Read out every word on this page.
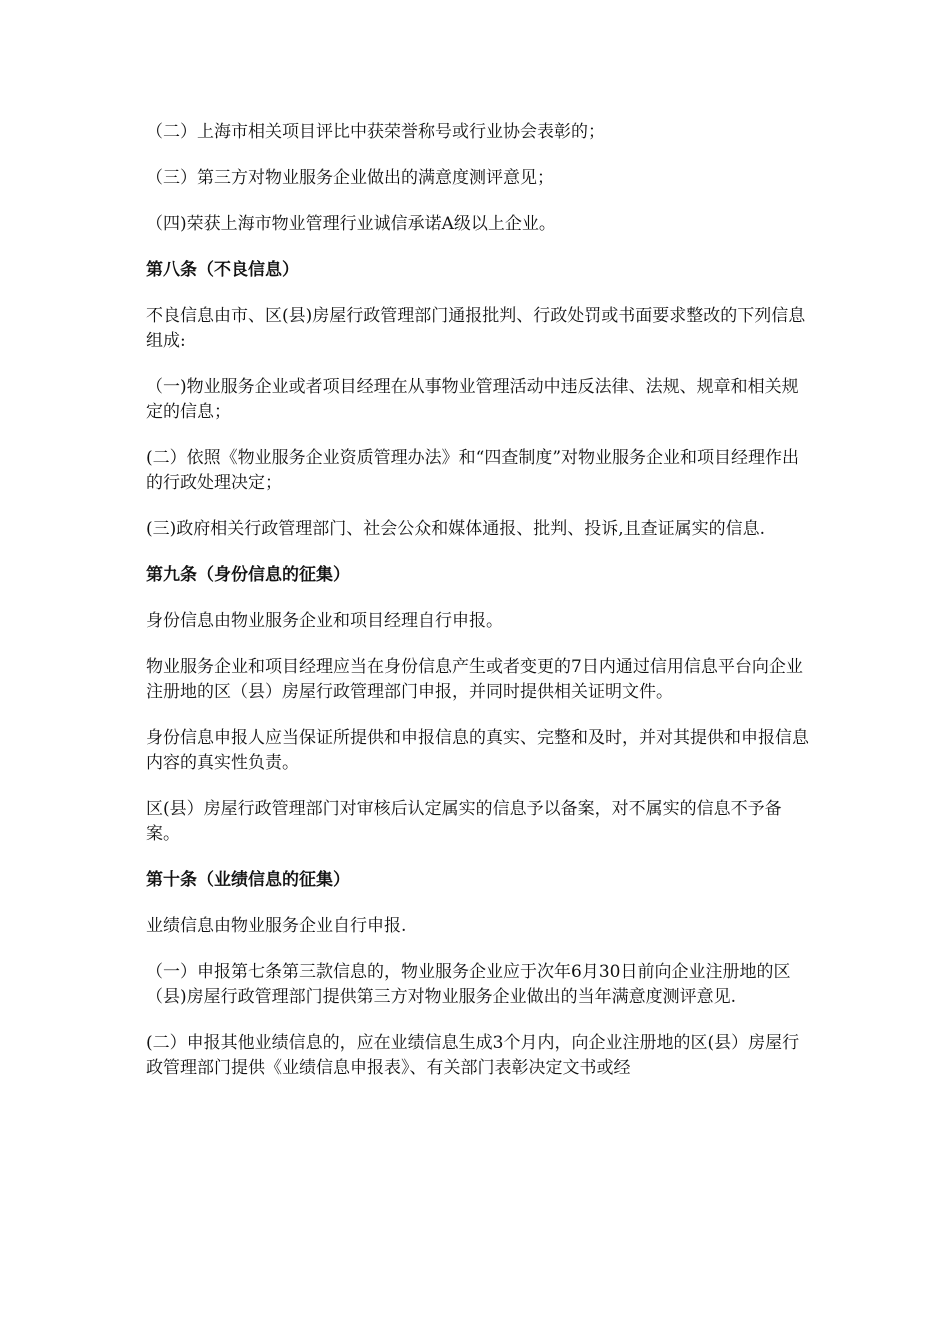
（二）上海市相关项目评比中获荣誉称号或行业协会表彰的；

（三）第三方对物业服务企业做出的满意度测评意见；

（四)荣获上海市物业管理行业诚信承诺A级以上企业。

第八条（不良信息）

不良信息由市、区(县)房屋行政管理部门通报批判、行政处罚或书面要求整改的下列信息组成:

（一)物业服务企业或者项目经理在从事物业管理活动中违反法律、法规、规章和相关规定的信息；

(二）依照《物业服务企业资质管理办法》和“四查制度”对物业服务企业和项目经理作出的行政处理决定；

(三)政府相关行政管理部门、社会公众和媒体通报、批判、投诉,且查证属实的信息.

第九条（身份信息的征集）

身份信息由物业服务企业和项目经理自行申报。

物业服务企业和项目经理应当在身份信息产生或者变更的7日内通过信用信息平台向企业注册地的区（县）房屋行政管理部门申报，并同时提供相关证明文件。

身份信息申报人应当保证所提供和申报信息的真实、完整和及时，并对其提供和申报信息内容的真实性负责。

区(县）房屋行政管理部门对审核后认定属实的信息予以备案，对不属实的信息不予备案。

第十条（业绩信息的征集）

业绩信息由物业服务企业自行申报.

（一）申报第七条第三款信息的，物业服务企业应于次年6月30日前向企业注册地的区（县)房屋行政管理部门提供第三方对物业服务企业做出的当年满意度测评意见.

(二）申报其他业绩信息的，应在业绩信息生成3个月内，向企业注册地的区(县）房屋行政管理部门提供《业绩信息申报表》、有关部门表彰决定文书或经
